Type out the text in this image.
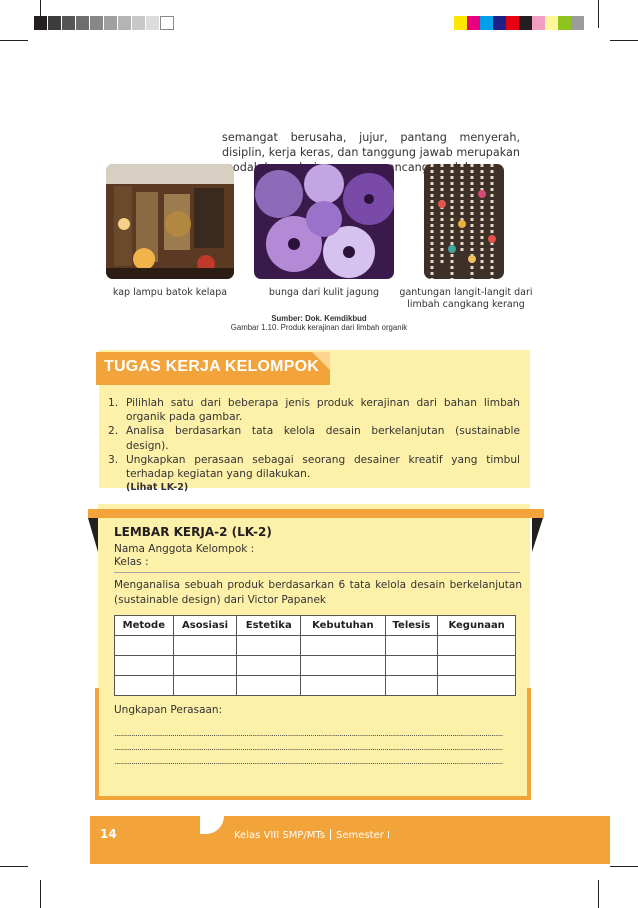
semangat berusaha, jujur, pantang menyerah, disiplin, kerja keras, dan tanggung jawab merupakan modal perancang

kap lampu batok kelapa	bunga dari kulit jagung	gantungan langit-langit dari limbah cangkang kerang
Sumber: Dok. Kemdikbud
Gambar 1.10. Produk kerajinan dari limbah organik
TUGAS KERJA KELOMPOK
1. Pilihlah satu dari beberapa jenis produk kerajinan dari bahan limbah organik pada gambar.
2. Analisa berdasarkan tata kelola desain berkelanjutan (sustainable design).
3. Ungkapkan perasaan sebagai seorang desainer kreatif yang timbul terhadap kegiatan yang dilakukan.
(Lihat LK-2)
LEMBAR KERJA-2 (LK-2)
Nama Anggota Kelompok :
Kelas :
Menganalisa sebuah produk berdasarkan 6 tata kelola desain berkelanjutan (sustainable design) dari Victor Papanek
Metode	Asosiasi	Estetika	Kebutuhan	Telesis	Kegunaan

Ungkapan Perasaan:
........................................................................................................................................................................................................
........................................................................................................................................................................................................
........................................................................................................................................................................................................
14	Kelas VIII SMP/MTs Semester I
